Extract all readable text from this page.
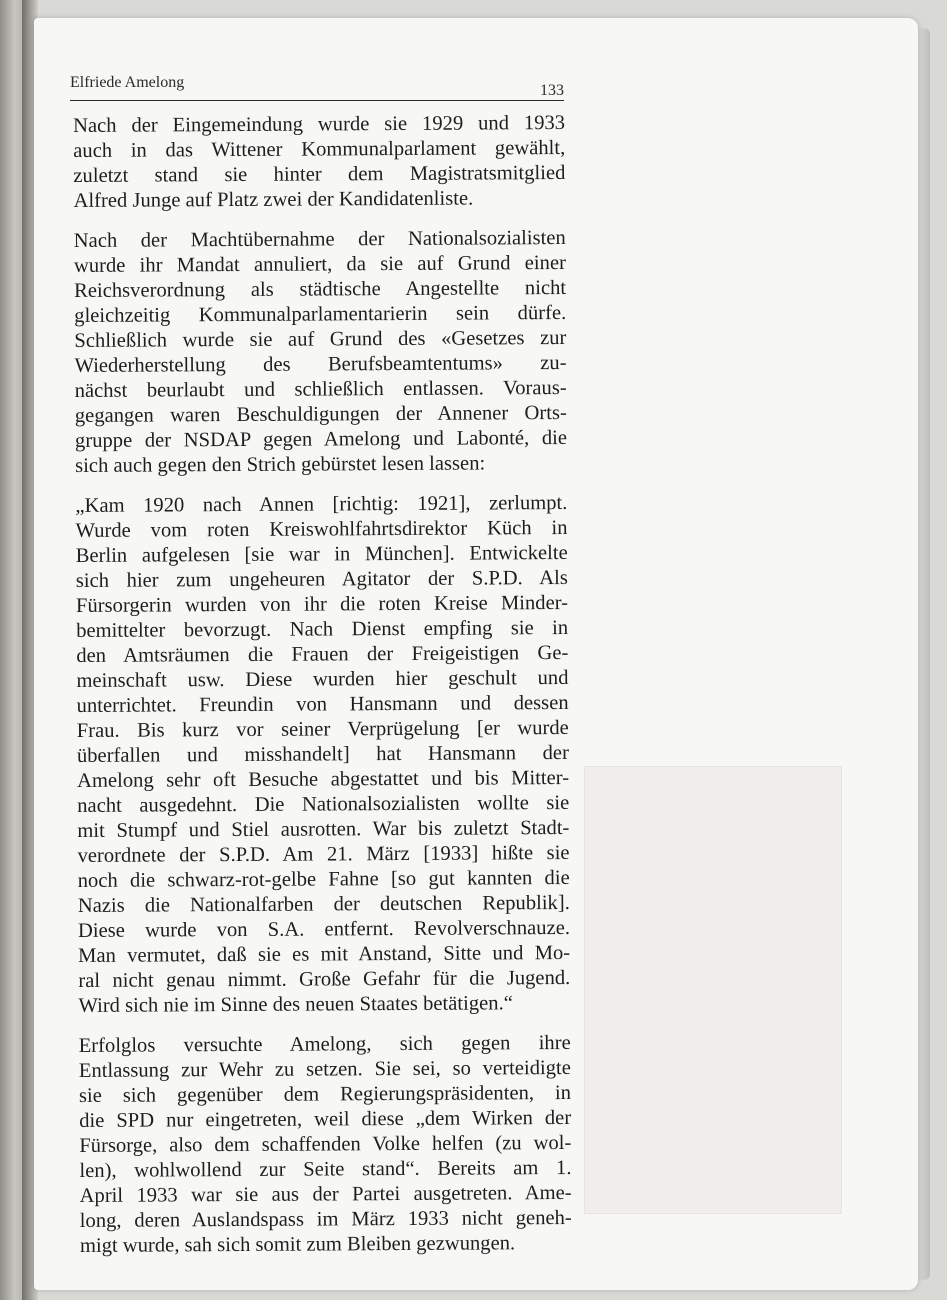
Elfriede Amelong	133
Nach der Eingemeindung wurde sie 1929 und 1933
auch in das Wittener Kommunalparlament gewählt,
zuletzt stand sie hinter dem Magistratsmitglied
Alfred Junge auf Platz zwei der Kandidatenliste.
Nach der Machtübernahme der Nationalsozialisten
wurde ihr Mandat annuliert, da sie auf Grund einer
Reichsverordnung als städtische Angestellte nicht
gleichzeitig Kommunalparlamentarierin sein dürfe.
Schließlich wurde sie auf Grund des «Gesetzes zur
Wiederherstellung des Berufsbeamtentums» zu-
nächst beurlaubt und schließlich entlassen. Voraus-
gegangen waren Beschuldigungen der Annener Orts-
gruppe der NSDAP gegen Amelong und Labonté, die
sich auch gegen den Strich gebürstet lesen lassen:
„Kam 1920 nach Annen [richtig: 1921], zerlumpt.
Wurde vom roten Kreiswohlfahrtsdirektor Küch in
Berlin aufgelesen [sie war in München]. Entwickelte
sich hier zum ungeheuren Agitator der S.P.D. Als
Fürsorgerin wurden von ihr die roten Kreise Minder-
bemittelter bevorzugt. Nach Dienst empfing sie in
den Amtsräumen die Frauen der Freigeistigen Ge-
meinschaft usw. Diese wurden hier geschult und
unterrichtet. Freundin von Hansmann und dessen
Frau. Bis kurz vor seiner Verprügelung [er wurde
überfallen und misshandelt] hat Hansmann der
Amelong sehr oft Besuche abgestattet und bis Mitter-
nacht ausgedehnt. Die Nationalsozialisten wollte sie
mit Stumpf und Stiel ausrotten. War bis zuletzt Stadt-
verordnete der S.P.D. Am 21. März [1933] hißte sie
noch die schwarz-rot-gelbe Fahne [so gut kannten die
Nazis die Nationalfarben der deutschen Republik].
Diese wurde von S.A. entfernt. Revolverschnauze.
Man vermutet, daß sie es mit Anstand, Sitte und Mo-
ral nicht genau nimmt. Große Gefahr für die Jugend.
Wird sich nie im Sinne des neuen Staates betätigen.“
Erfolglos versuchte Amelong, sich gegen ihre
Entlassung zur Wehr zu setzen. Sie sei, so verteidigte
sie sich gegenüber dem Regierungspräsidenten, in
die SPD nur eingetreten, weil diese „dem Wirken der
Fürsorge, also dem schaffenden Volke helfen (zu wol-
len), wohlwollend zur Seite stand“. Bereits am 1.
April 1933 war sie aus der Partei ausgetreten. Ame-
long, deren Auslandspass im März 1933 nicht geneh-
migt wurde, sah sich somit zum Bleiben gezwungen.
